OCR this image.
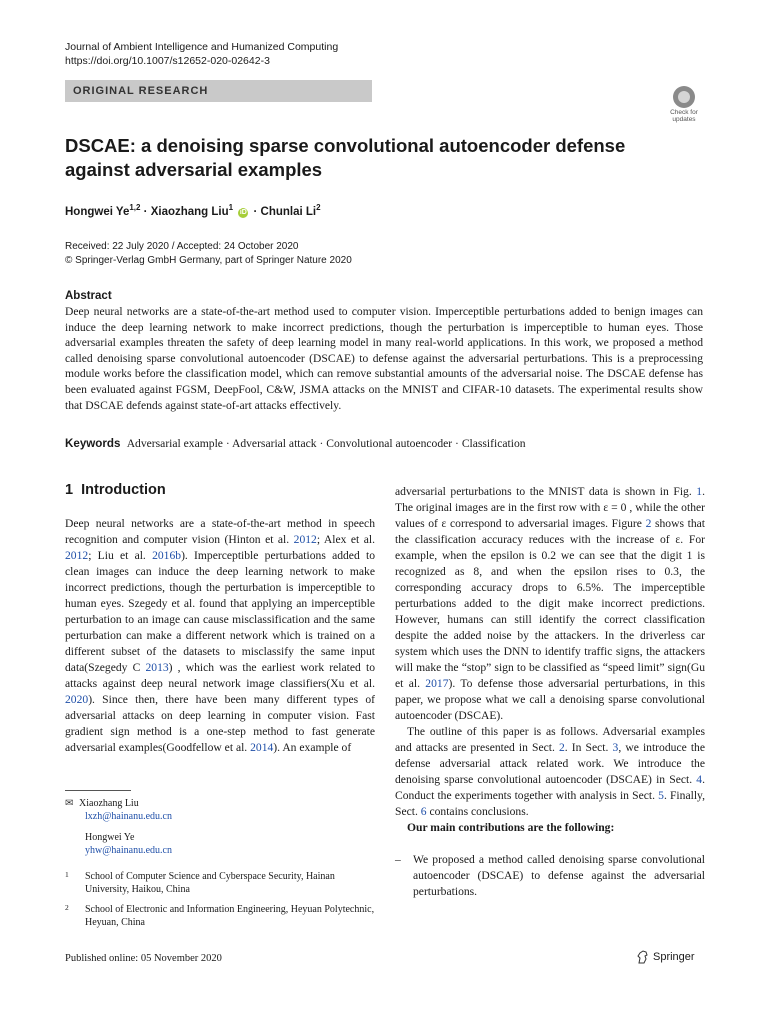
Journal of Ambient Intelligence and Humanized Computing
https://doi.org/10.1007/s12652-020-02642-3
ORIGINAL RESEARCH
Check for
updates
DSCAE: a denoising sparse convolutional autoencoder defense against adversarial examples
Hongwei Ye$^{1,2}$ · Xiaozhang Liu$^1$ iD · Chunlai Li$^2$
Received: 22 July 2020 / Accepted: 24 October 2020
© Springer-Verlag GmbH Germany, part of Springer Nature 2020
Abstract

Deep neural networks are a state-of-the-art method used to computer vision. Imperceptible perturbations added to benign images can induce the deep learning network to make incorrect predictions, though the perturbation is imperceptible to human eyes. Those adversarial examples threaten the safety of deep learning model in many real-world applications. In this work, we proposed a method called denoising sparse convolutional autoencoder (DSCAE) to defense against the adversarial perturbations. This is a preprocessing module works before the classification model, which can remove substantial amounts of the adversarial noise. The DSCAE defense has been evaluated against FGSM, DeepFool, C&W, JSMA attacks on the MNIST and CIFAR-10 datasets. The experimental results show that DSCAE defends against state-of-art attacks effectively.

Keywords Adversarial example · Adversarial attack · Convolutional autoencoder · Classification
1 Introduction

Deep neural networks are a state-of-the-art method in speech recognition and computer vision (Hinton et al. 2012; Alex et al. 2012; Liu et al. 2016b). Imperceptible perturbations added to clean images can induce the deep learning network to make incorrect predictions, though the perturbation is imperceptible to human eyes. Szegedy et al. found that applying an imperceptible perturbation to an image can cause misclassification and the same perturbation can make a different network which is trained on a different subset of the datasets to misclassify the same input data(Szegedy C 2013) , which was the earliest work related to attacks against deep neural network image classifiers(Xu et al. 2020). Since then, there have been many different types of adversarial attacks on deep learning in computer vision. Fast gradient sign method is a one-step method to fast generate adversarial examples(Goodfellow et al. 2014). An example of

✉ Xiaozhang Liu
lxzh@hainanu.edu.cn
Hongwei Ye
yhw@hainanu.edu.cn
1 School of Computer Science and Cyberspace Security, Hainan University, Haikou, China
2 School of Electronic and Information Engineering, Heyuan Polytechnic, Heyuan, China

adversarial perturbations to the MNIST data is shown in Fig. 1. The original images are in the first row with ε = 0 , while the other values of ε correspond to adversarial images. Figure 2 shows that the classification accuracy reduces with the increase of ε. For example, when the epsilon is 0.2 we can see that the digit 1 is recognized as 8, and when the epsilon rises to 0.3, the corresponding accuracy drops to 6.5%. The imperceptible perturbations added to the digit make incorrect predictions. However, humans can still identify the correct classification despite the added noise by the attackers. In the driverless car system which uses the DNN to identify traffic signs, the attackers will make the “stop” sign to be classified as “speed limit” sign(Gu et al. 2017). To defense those adversarial perturbations, in this paper, we propose what we call a denoising sparse convolutional autoencoder (DSCAE).

The outline of this paper is as follows. Adversarial examples and attacks are presented in Sect. 2. In Sect. 3, we introduce the defense adversarial attack related work. We introduce the denoising sparse convolutional autoencoder (DSCAE) in Sect. 4. Conduct the experiments together with analysis in Sect. 5. Finally, Sect. 6 contains conclusions.

Our main contributions are the following:

–	We proposed a method called denoising sparse convolutional autoencoder (DSCAE) to defense against the adversarial perturbations.
Published online: 05 November 2020	Springer
